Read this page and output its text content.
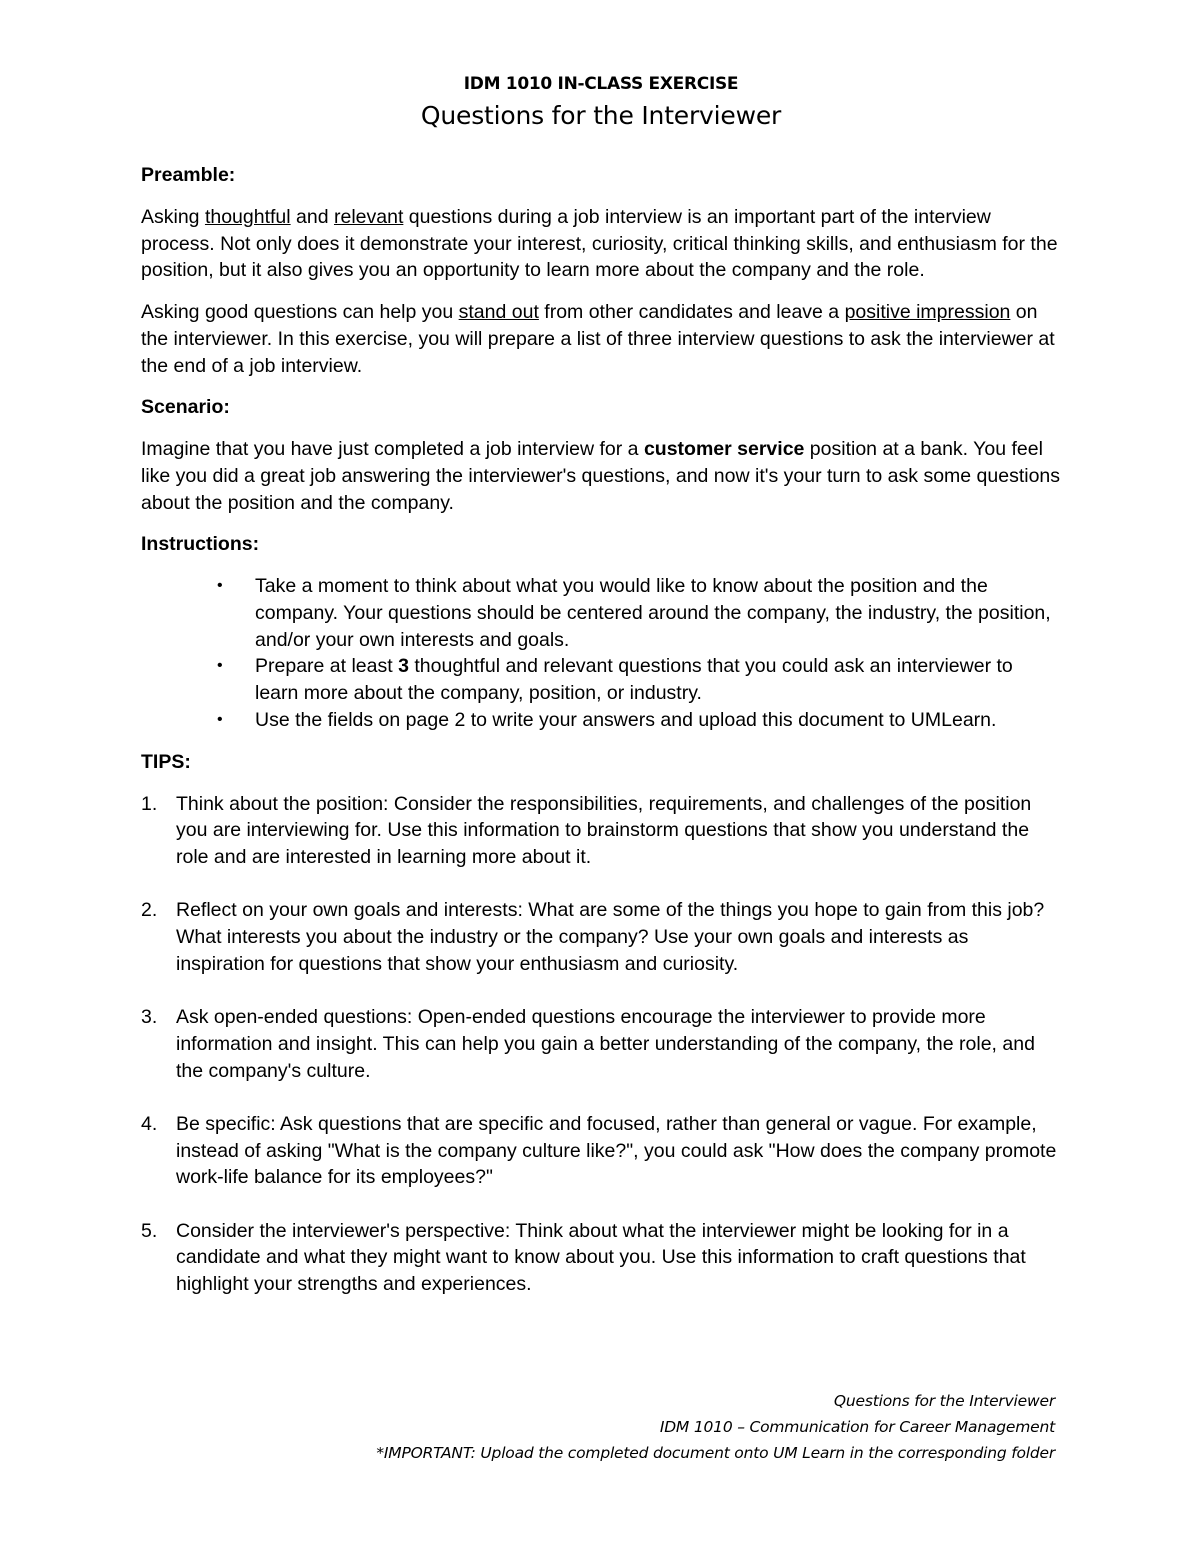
IDM 1010 IN-CLASS EXERCISE
Questions for the Interviewer
Preamble:

Asking thoughtful and relevant questions during a job interview is an important part of the interview process. Not only does it demonstrate your interest, curiosity, critical thinking skills, and enthusiasm for the position, but it also gives you an opportunity to learn more about the company and the role.

Asking good questions can help you stand out from other candidates and leave a positive impression on the interviewer. In this exercise, you will prepare a list of three interview questions to ask the interviewer at the end of a job interview.

Scenario:

Imagine that you have just completed a job interview for a customer service position at a bank. You feel like you did a great job answering the interviewer's questions, and now it's your turn to ask some questions about the position and the company.

Instructions:
• Take a moment to think about what you would like to know about the position and the company. Your questions should be centered around the company, the industry, the position, and/or your own interests and goals.
• Prepare at least 3 thoughtful and relevant questions that you could ask an interviewer to learn more about the company, position, or industry.
• Use the fields on page 2 to write your answers and upload this document to UMLearn.
TIPS:
1. Think about the position: Consider the responsibilities, requirements, and challenges of the position you are interviewing for. Use this information to brainstorm questions that show you understand the role and are interested in learning more about it.
2. Reflect on your own goals and interests: What are some of the things you hope to gain from this job? What interests you about the industry or the company? Use your own goals and interests as inspiration for questions that show your enthusiasm and curiosity.
3. Ask open-ended questions: Open-ended questions encourage the interviewer to provide more information and insight. This can help you gain a better understanding of the company, the role, and the company's culture.
4. Be specific: Ask questions that are specific and focused, rather than general or vague. For example, instead of asking "What is the company culture like?", you could ask "How does the company promote work-life balance for its employees?"
5. Consider the interviewer's perspective: Think about what the interviewer might be looking for in a candidate and what they might want to know about you. Use this information to craft questions that highlight your strengths and experiences.
Questions for the Interviewer
IDM 1010 – Communication for Career Management
*IMPORTANT: Upload the completed document onto UM Learn in the corresponding folder
